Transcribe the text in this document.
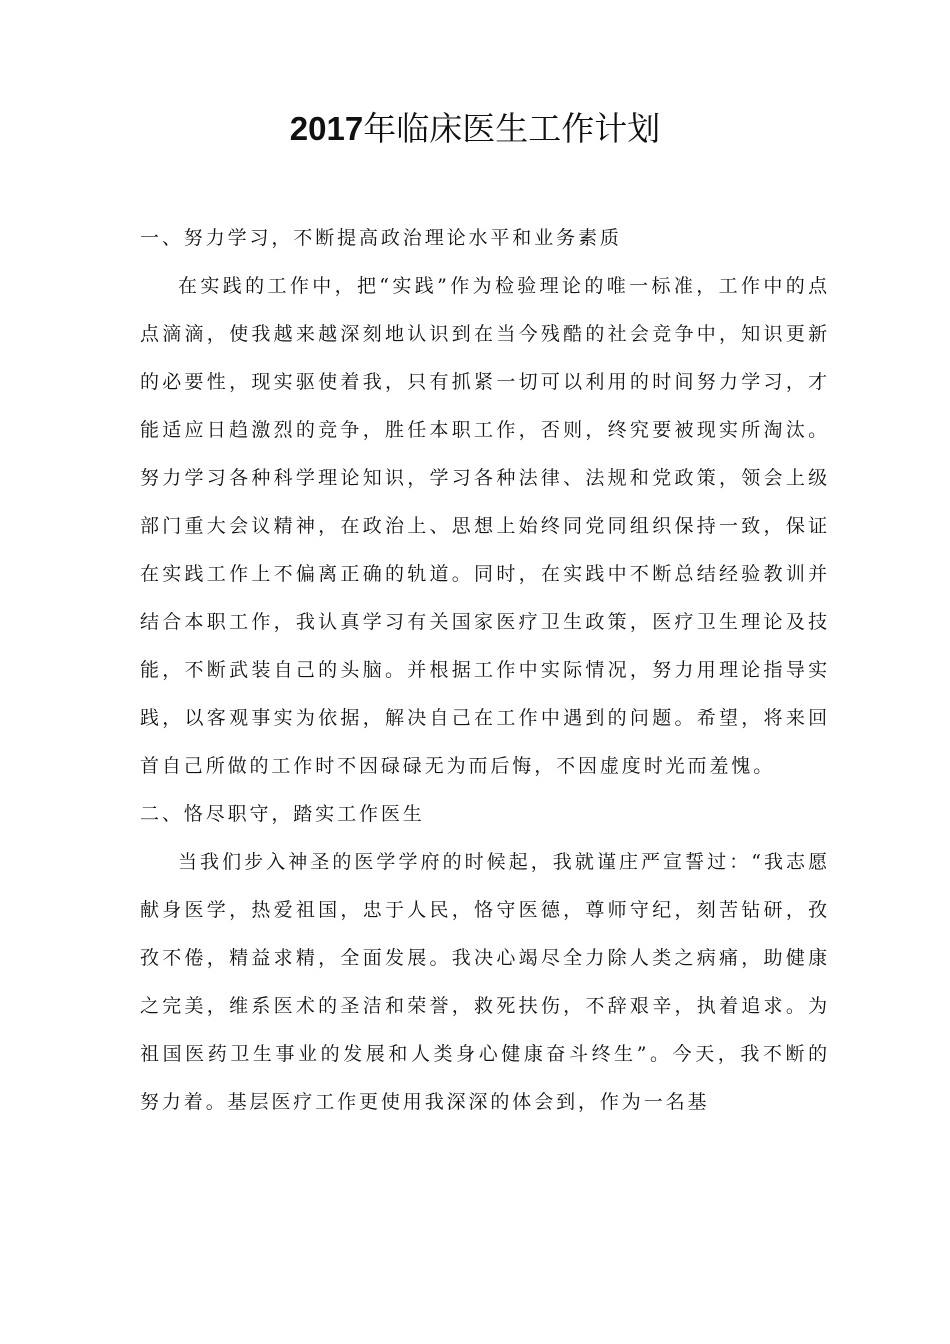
2017年临床医生工作计划
一、努力学习，不断提高政治理论水平和业务素质

在实践的工作中，把“实践”作为检验理论的唯一标准，工作中的点点滴滴，使我越来越深刻地认识到在当今残酷的社会竞争中，知识更新的必要性，现实驱使着我，只有抓紧一切可以利用的时间努力学习，才能适应日趋激烈的竞争，胜任本职工作，否则，终究要被现实所淘汰。努力学习各种科学理论知识，学习各种法律、法规和党政策，领会上级部门重大会议精神，在政治上、思想上始终同党同组织保持一致，保证在实践工作上不偏离正确的轨道。同时，在实践中不断总结经验教训并结合本职工作，我认真学习有关国家医疗卫生政策，医疗卫生理论及技能，不断武装自己的头脑。并根据工作中实际情况，努力用理论指导实践，以客观事实为依据，解决自己在工作中遇到的问题。希望，将来回首自己所做的工作时不因碌碌无为而后悔，不因虚度时光而羞愧。

二、恪尽职守，踏实工作医生

当我们步入神圣的医学学府的时候起，我就谨庄严宣誓过：“我志愿献身医学，热爱祖国，忠于人民，恪守医德，尊师守纪，刻苦钻研，孜孜不倦，精益求精，全面发展。我决心竭尽全力除人类之病痛，助健康之完美，维系医术的圣洁和荣誉，救死扶伤，不辞艰辛，执着追求。为祖国医药卫生事业的发展和人类身心健康奋斗终生”。今天，我不断的努力着。基层医疗工作更使用我深深的体会到，作为一名基
